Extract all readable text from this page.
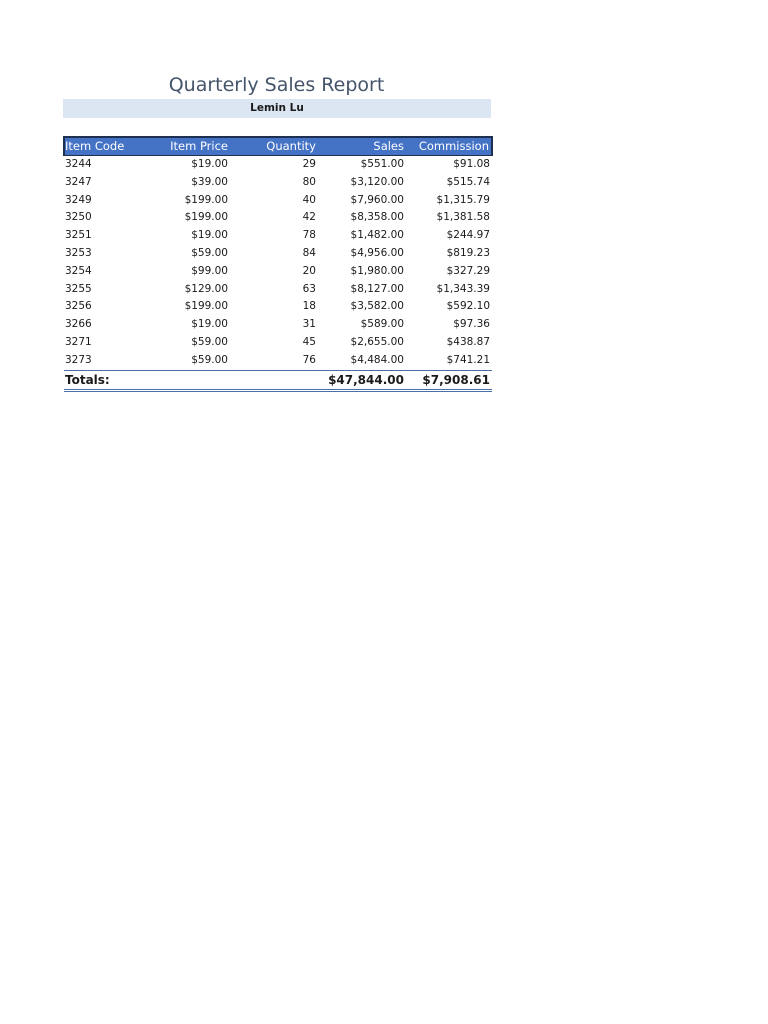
Quarterly Sales Report
Lemin Lu
Item Code	Item Price	Quantity	Sales	Commission
3244	$19.00	29	$551.00	$91.08
3247	$39.00	80	$3,120.00	$515.74
3249	$199.00	40	$7,960.00	$1,315.79
3250	$199.00	42	$8,358.00	$1,381.58
3251	$19.00	78	$1,482.00	$244.97
3253	$59.00	84	$4,956.00	$819.23
3254	$99.00	20	$1,980.00	$327.29
3255	$129.00	63	$8,127.00	$1,343.39
3256	$199.00	18	$3,582.00	$592.10
3266	$19.00	31	$589.00	$97.36
3271	$59.00	45	$2,655.00	$438.87
3273	$59.00	76	$4,484.00	$741.21
Totals:			$47,844.00	$7,908.61
